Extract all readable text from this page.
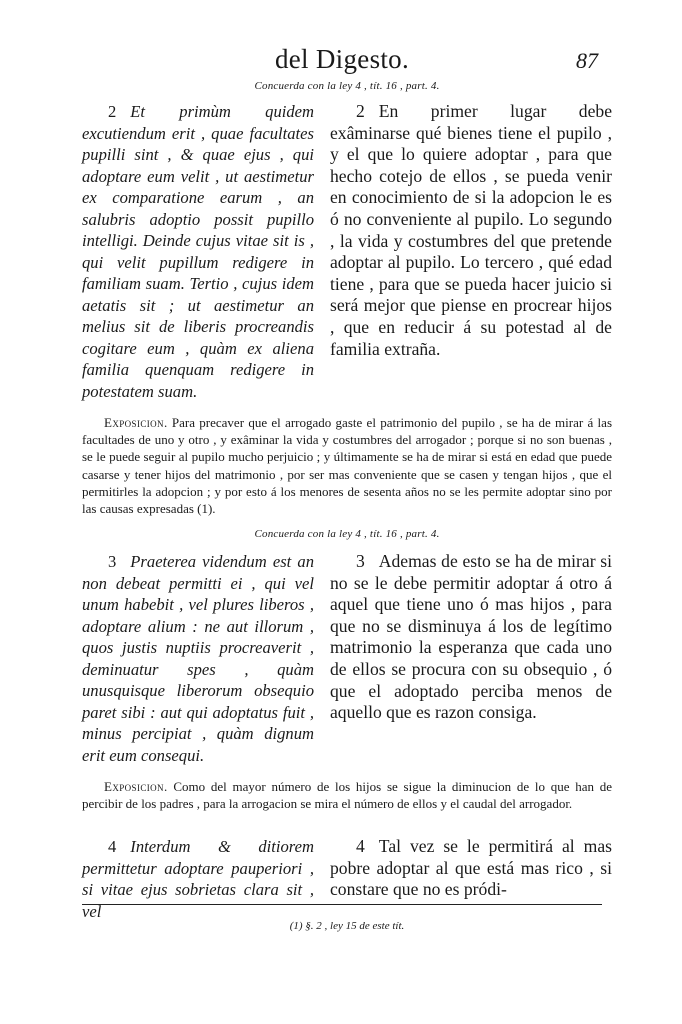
del Digesto.	87
Concuerda con la ley 4 , tít. 16 , part. 4.
2 Et primùm quidem excutiendum erit , quae facultates pupilli sint , & quae ejus , qui adoptare eum velit , ut aestimetur ex comparatione earum , an salubris adoptio possit pupillo intelligi. Deinde cujus vitae sit is , qui velit pupillum redigere in familiam suam. Tertio , cujus idem aetatis sit ; ut aestimetur an melius sit de liberis procreandis cogitare eum , quàm ex aliena familia quenquam redigere in potestatem suam.
2 En primer lugar debe exâminarse qué bienes tiene el pupilo , y el que lo quiere adoptar , para que hecho cotejo de ellos , se pueda venir en conocimiento de si la adopcion le es ó no conveniente al pupilo. Lo segundo , la vida y costumbres del que pretende adoptar al pupilo. Lo tercero , qué edad tiene , para que se pueda hacer juicio si será mejor que piense en procrear hijos , que en reducir á su potestad al de familia extraña.
Exposicion. Para precaver que el arrogado gaste el patrimonio del pupilo , se ha de mirar á las facultades de uno y otro , y exâminar la vida y costumbres del arrogador ; porque si no son buenas , se le puede seguir al pupilo mucho perjuicio ; y últimamente se ha de mirar si está en edad que puede casarse y tener hijos del matrimonio , por ser mas conveniente que se casen y tengan hijos , que el permitirles la adopcion ; y por esto á los menores de sesenta años no se les permite adoptar sino por las causas expresadas (1).
Concuerda con la ley 4 , tít. 16 , part. 4.
3 Praeterea videndum est an non debeat permitti ei , qui vel unum habebit , vel plures liberos , adoptare alium : ne aut illorum , quos justis nuptiis procreaverit , deminuatur spes , quàm unusquisque liberorum obsequio paret sibi : aut qui adoptatus fuit , minus percipiat , quàm dignum erit eum consequi.
3 Ademas de esto se ha de mirar si no se le debe permitir adoptar á otro á aquel que tiene uno ó mas hijos , para que no se disminuya á los de legítimo matrimonio la esperanza que cada uno de ellos se procura con su obsequio , ó que el adoptado perciba menos de aquello que es razon consiga.
Exposicion. Como del mayor número de los hijos se sigue la diminucion de lo que han de percibir de los padres , para la arrogacion se mira el número de ellos y el caudal del arrogador.
4 Interdum & ditiorem permittetur adoptare pauperiori , si vitae ejus sobrietas clara sit , vel
4 Tal vez se le permitirá al mas pobre adoptar al que está mas rico , si constare que no es pródi-
(1) §. 2 , ley 15 de este tít.
